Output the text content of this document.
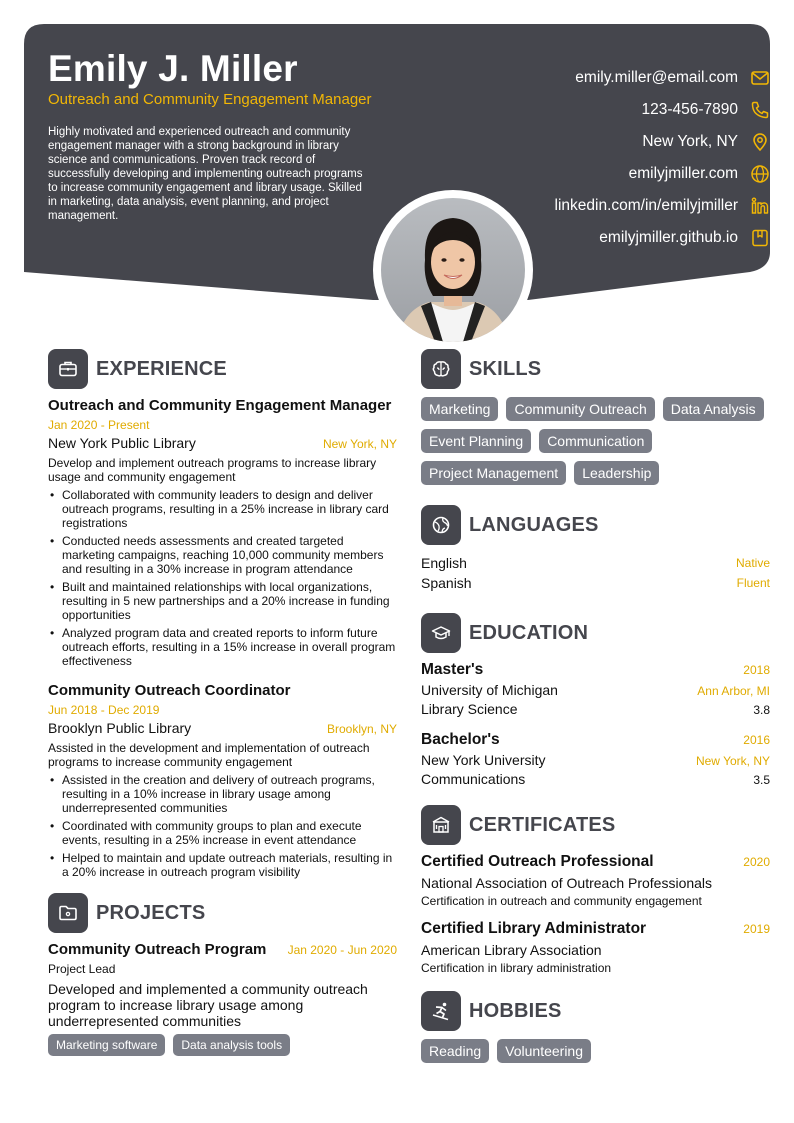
Emily J. Miller
Outreach and Community Engagement Manager
Highly motivated and experienced outreach and community engagement manager with a strong background in library science and communications. Proven track record of successfully developing and implementing outreach programs to increase community engagement and library usage. Skilled in marketing, data analysis, event planning, and project management.
emily.miller@email.com
123-456-7890
New York, NY
emilyjmiller.com
linkedin.com/in/emilyjmiller
emilyjmiller.github.io
EXPERIENCE
Outreach and Community Engagement Manager
Jan 2020 - Present
New York Public Library	New York, NY
Develop and implement outreach programs to increase library usage and community engagement
• Collaborated with community leaders to design and deliver outreach programs, resulting in a 25% increase in library card registrations
• Conducted needs assessments and created targeted marketing campaigns, reaching 10,000 community members and resulting in a 30% increase in program attendance
• Built and maintained relationships with local organizations, resulting in 5 new partnerships and a 20% increase in funding opportunities
• Analyzed program data and created reports to inform future outreach efforts, resulting in a 15% increase in overall program effectiveness
Community Outreach Coordinator
Jun 2018 - Dec 2019
Brooklyn Public Library	Brooklyn, NY
Assisted in the development and implementation of outreach programs to increase community engagement
• Assisted in the creation and delivery of outreach programs, resulting in a 10% increase in library usage among underrepresented communities
• Coordinated with community groups to plan and execute events, resulting in a 25% increase in event attendance
• Helped to maintain and update outreach materials, resulting in a 20% increase in outreach program visibility
PROJECTS
Community Outreach Program Jan 2020 - Jun 2020
Project Lead
Developed and implemented a community outreach program to increase library usage among underrepresented communities
Marketing software	Data analysis tools
SKILLS
Marketing	Community Outreach	Data Analysis
Event Planning	Communication
Project Management	Leadership
LANGUAGES
English	Native
Spanish	Fluent
EDUCATION
Master's	2018
University of Michigan	Ann Arbor, MI
Library Science	3.8
Bachelor's	2016
New York University	New York, NY
Communications	3.5
CERTIFICATES
Certified Outreach Professional	2020
National Association of Outreach Professionals
Certification in outreach and community engagement
Certified Library Administrator	2019
American Library Association
Certification in library administration
HOBBIES
Reading	Volunteering
